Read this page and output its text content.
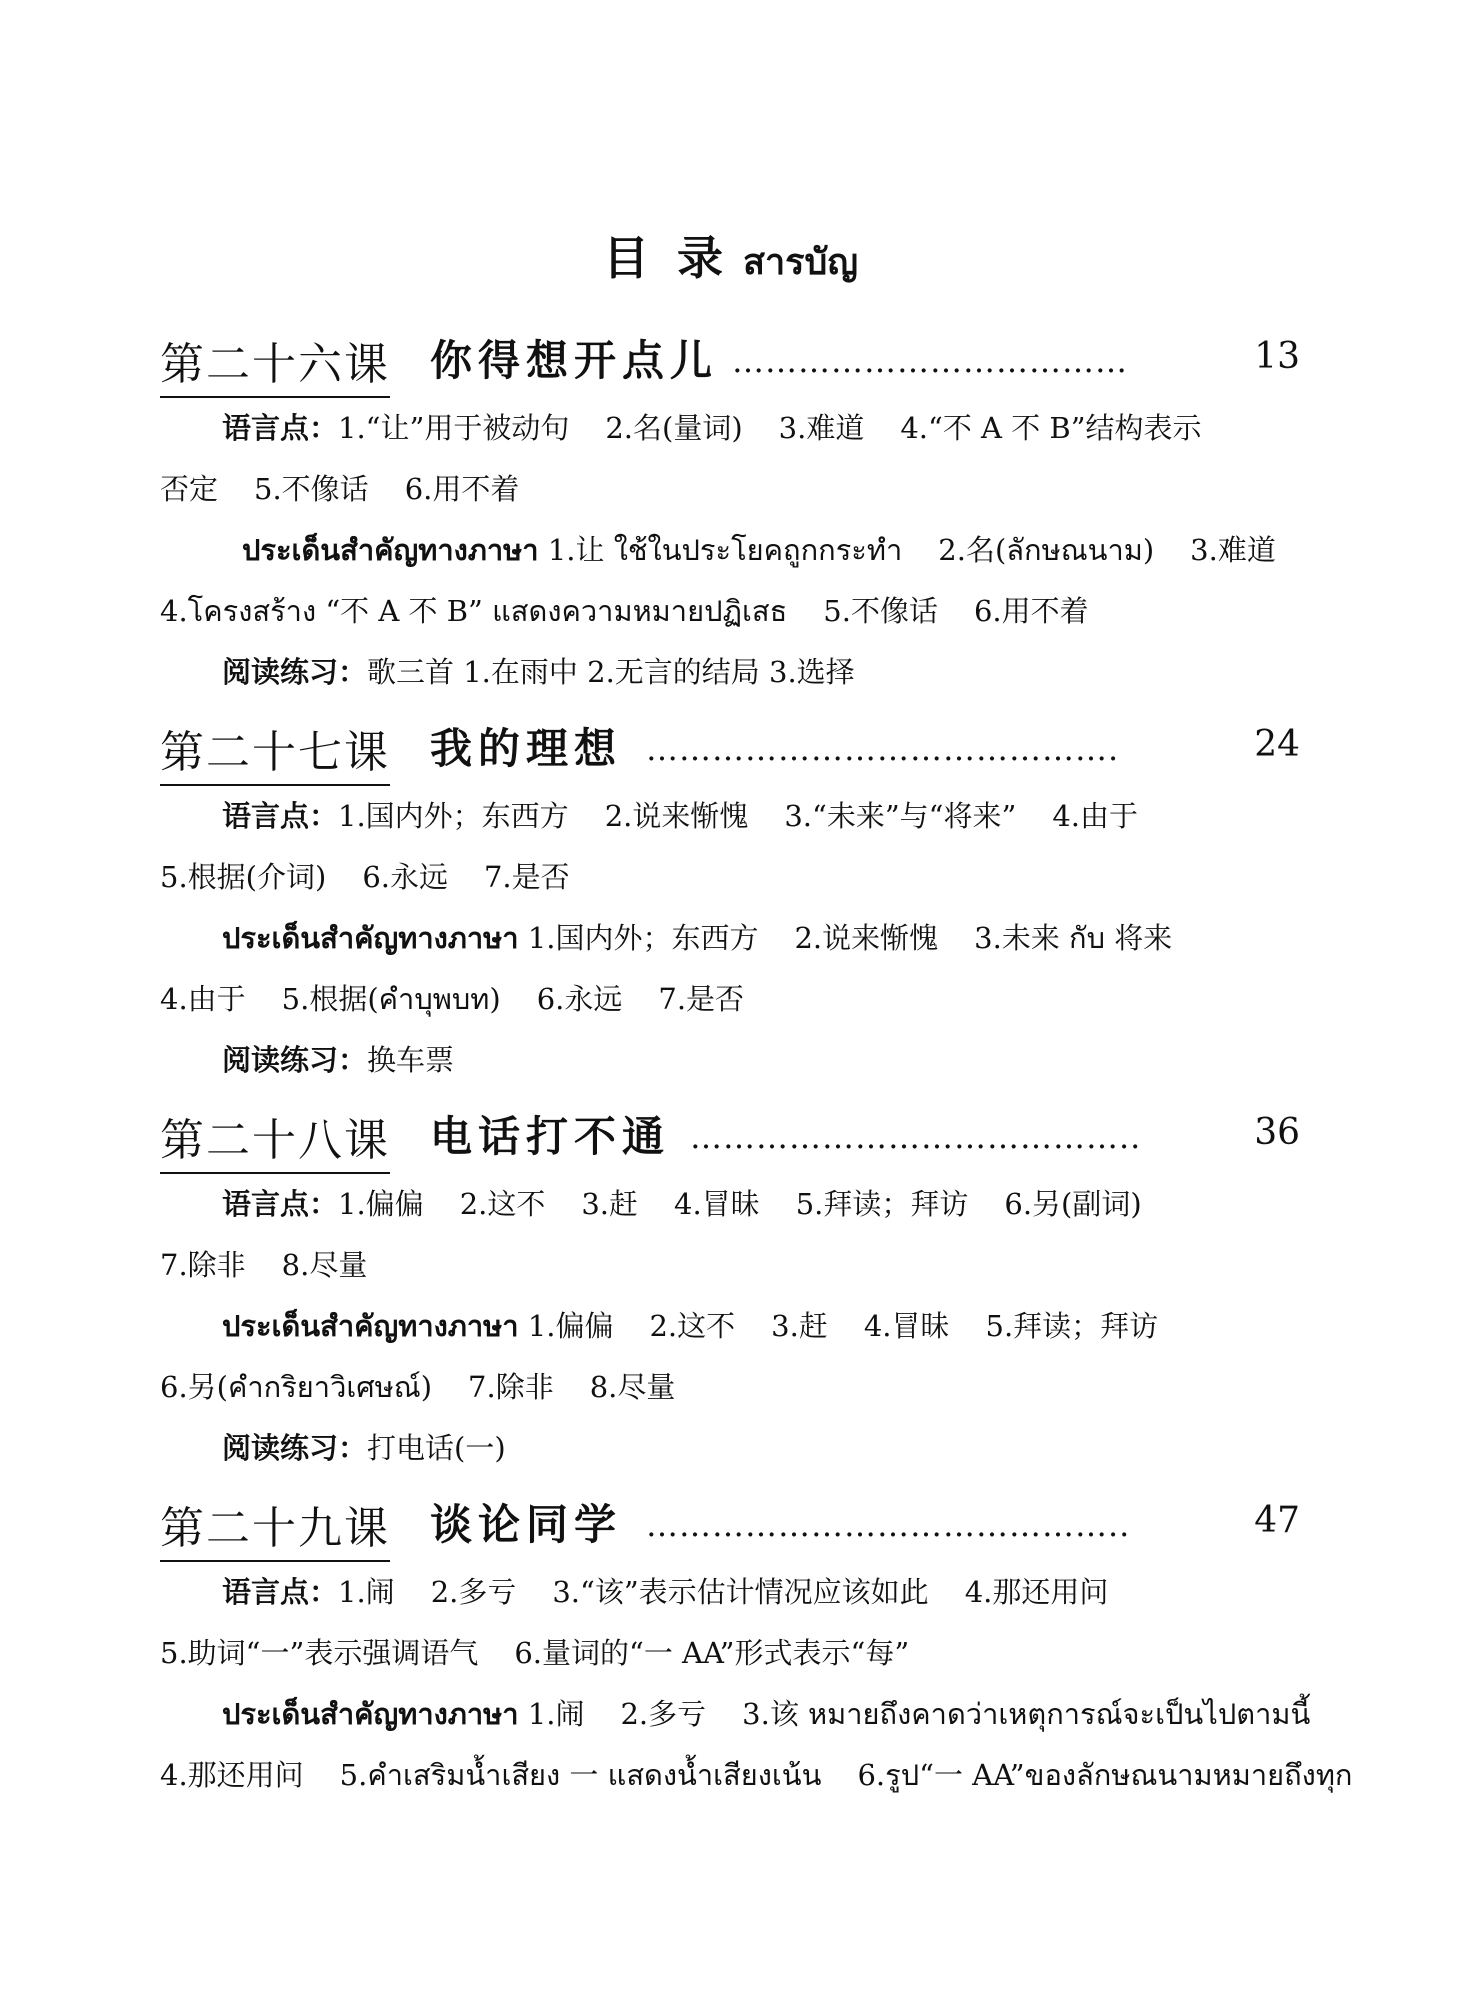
目 录 สารบัญ
第二十六课 你得想开点儿 ………………………………	13
语言点：1.“让”用于被动句 2.名(量词) 3.难道 4.“不 A 不 B”结构表示
否定 5.不像话 6.用不着
ประเด็นสำคัญทางภาษา 1.让 ใช้ในประโยคถูกกระทำ 2.名(ลักษณนาม) 3.难道
4.โครงสร้าง “不 A 不 B” แสดงความหมายปฏิเสธ 5.不像话 6.用不着
阅读练习：歌三首 1.在雨中 2.无言的结局 3.选择
第二十七课 我的理想 …………………………………….	24
语言点：1.国内外；东西方 2.说来惭愧 3.“未来”与“将来” 4.由于
5.根据(介词) 6.永远 7.是否
ประเด็นสำคัญทางภาษา 1.国内外；东西方 2.说来惭愧 3.未来 กับ 将来
4.由于 5.根据(คำบุพบท) 6.永远 7.是否
阅读练习：换车票
第二十八课 电话打不通 …………………………………..	36
语言点：1.偏偏 2.这不 3.赶 4.冒昧 5.拜读；拜访 6.另(副词)
7.除非 8.尽量
ประเด็นสำคัญทางภาษา 1.偏偏 2.这不 3.赶 4.冒昧 5.拜读；拜访
6.另(คำกริยาวิเศษณ์) 7.除非 8.尽量
阅读练习：打电话(一)
第二十九课 谈论同学 ……………………………………..	47
语言点：1.闹 2.多亏 3.“该”表示估计情况应该如此 4.那还用问
5.助词“一”表示强调语气 6.量词的“一 AA”形式表示“每”
ประเด็นสำคัญทางภาษา 1.闹 2.多亏 3.该 หมายถึงคาดว่าเหตุการณ์จะเป็นไปตามนี้
4.那还用问 5.คำเสริมน้ำเสียง 一 แสดงน้ำเสียงเน้น 6.รูป“一 AA”ของลักษณนามหมายถึงทุก
